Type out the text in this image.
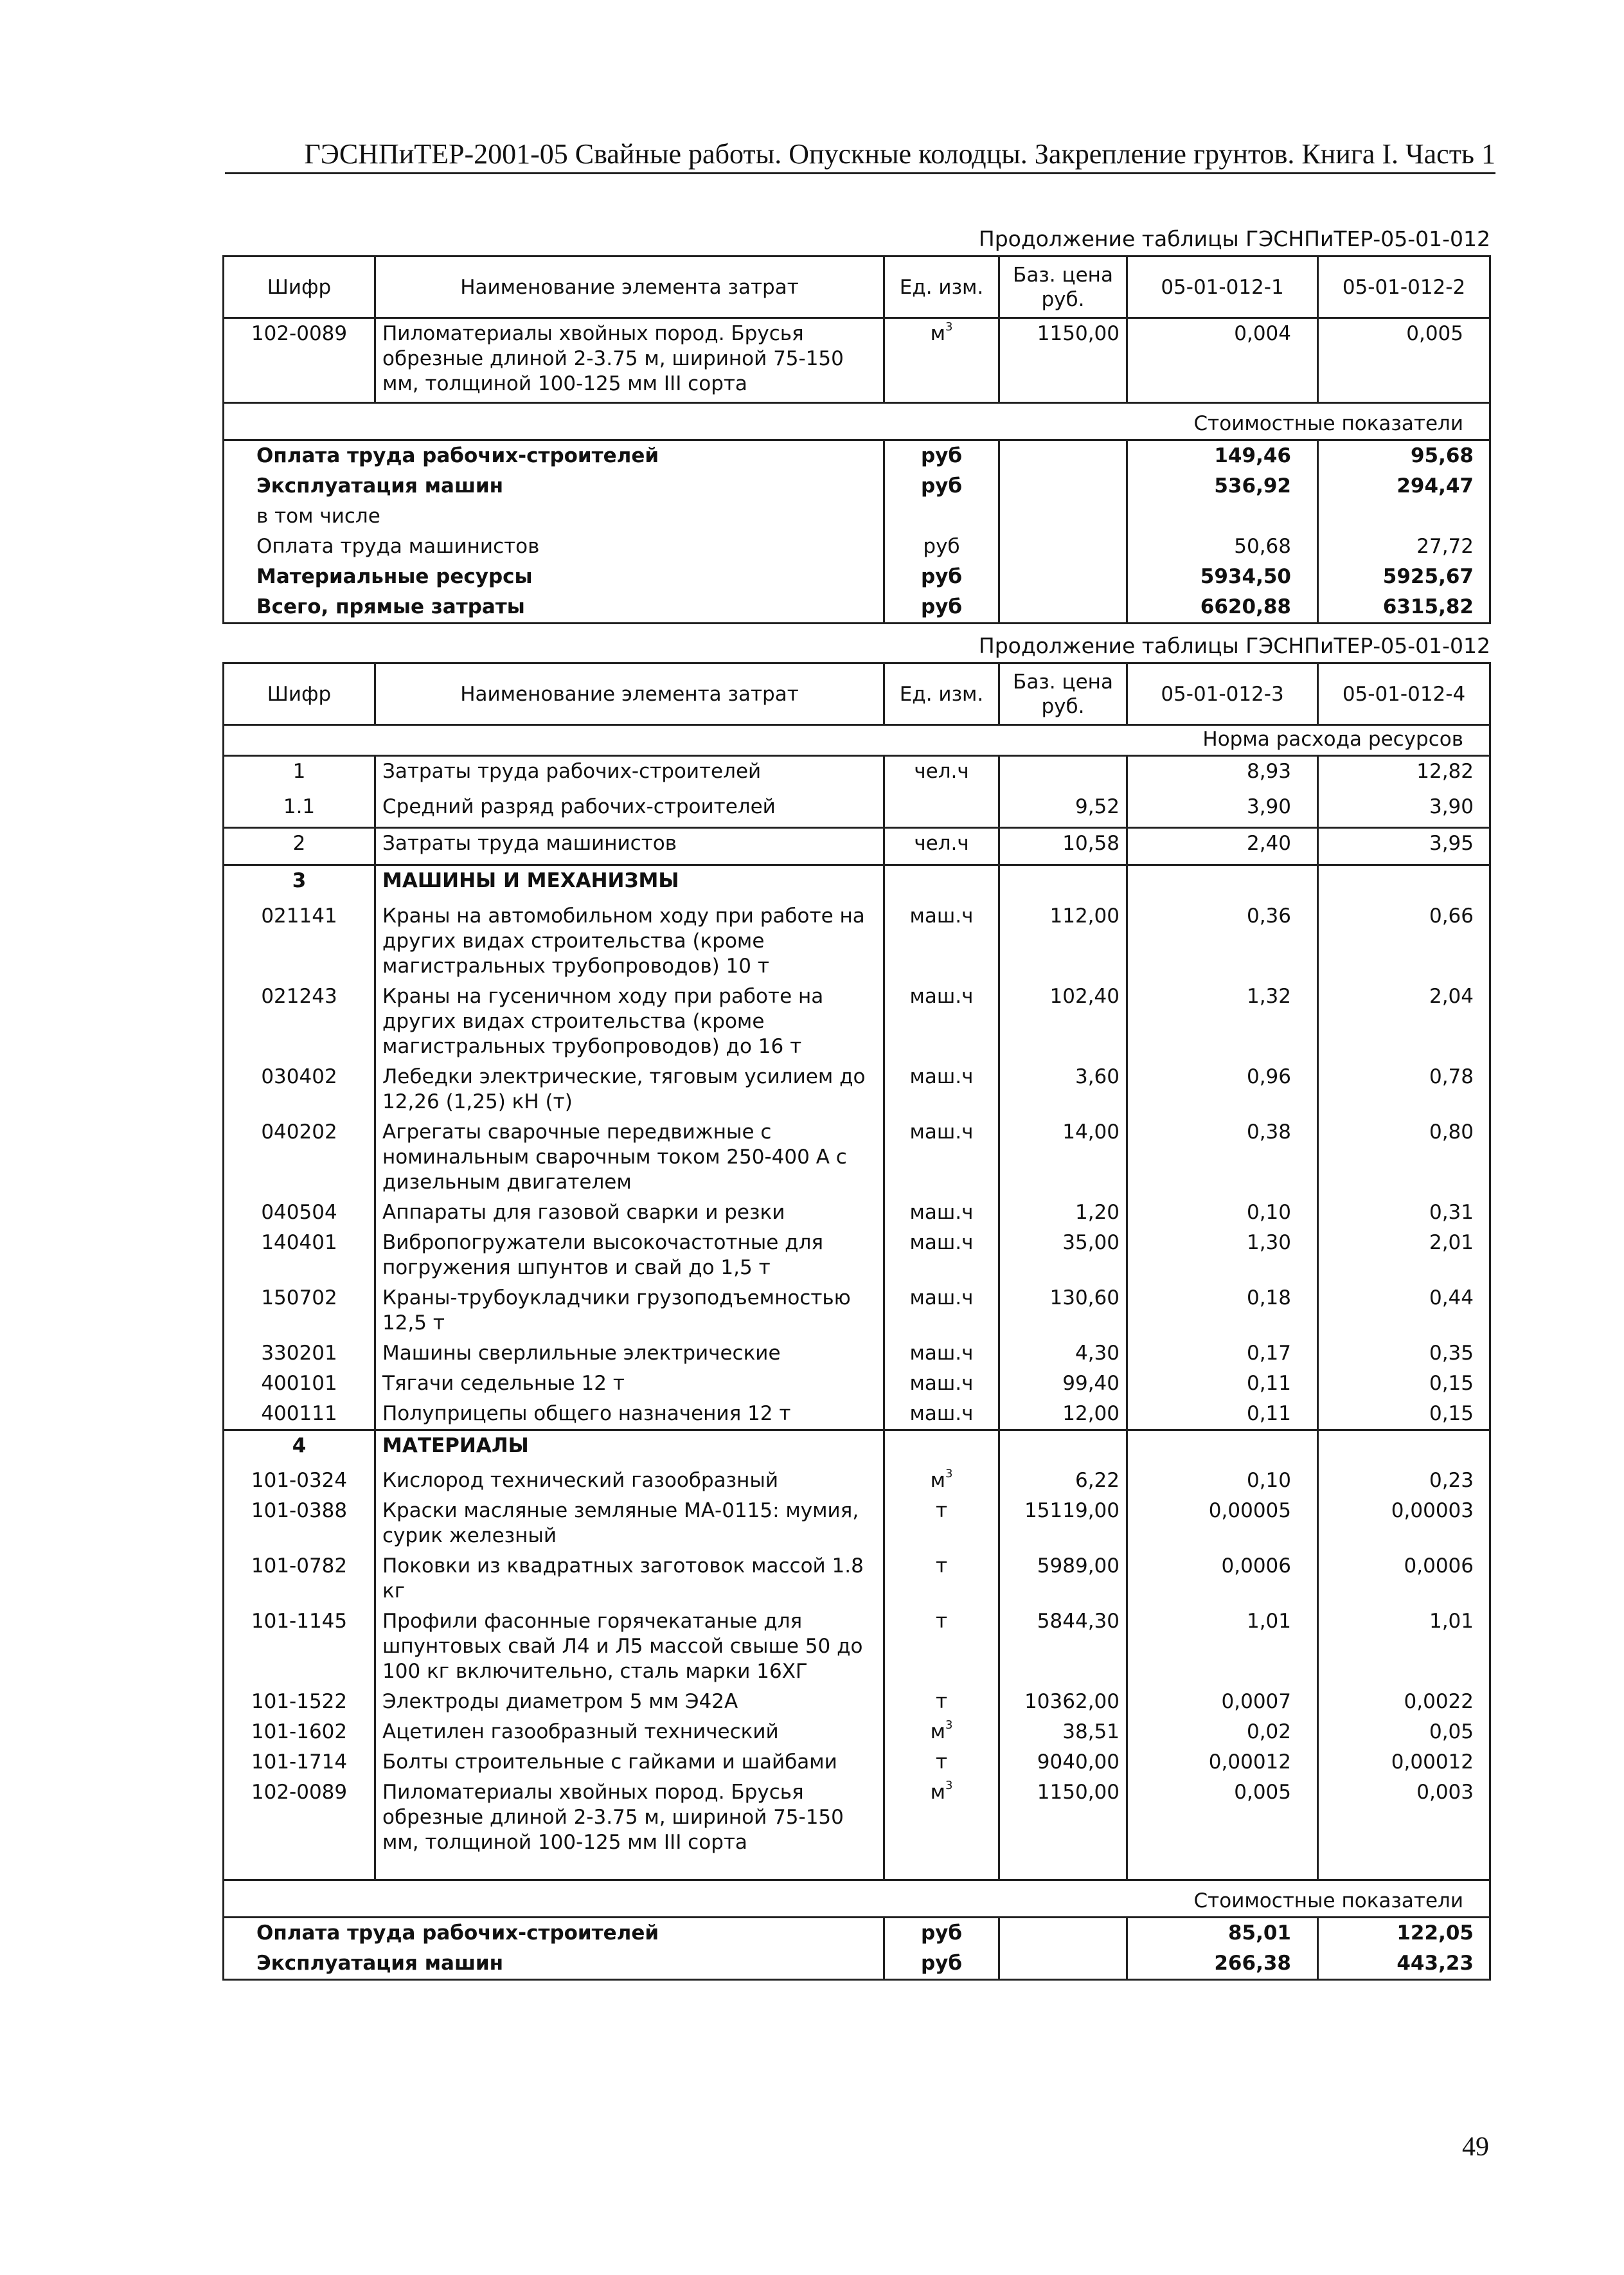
ГЭСНПиТЕР-2001-05 Свайные работы. Опускные колодцы. Закрепление грунтов. Книга I. Часть 1
Продолжение таблицы ГЭСНПиТЕР-05-01-012
Шифр	Наименование элемента затрат	Ед. изм.	Баз. цена руб.	05-01-012-1	05-01-012-2
102-0089	Пиломатериалы хвойных пород. Брусья обрезные длиной 2-3.75 м, шириной 75-150 мм, толщиной 100-125 мм III сорта	$м^3$	1150,00	0,004	0,005
Стоимостные показатели					
Оплата труда рабочих-строителей		руб		149,46	95,68
Эксплуатация машин		руб		536,92	294,47
в том числе					
Оплата труда машинистов		руб		50,68	27,72
Материальные ресурсы		руб		5934,50	5925,67
Всего, прямые затраты		руб		6620,88	6315,82
Продолжение таблицы ГЭСНПиТЕР-05-01-012
Шифр	Наименование элемента затрат	Ед. изм.	Баз. цена руб.	05-01-012-3	05-01-012-4
Норма расхода ресурсов					
1	Затраты труда рабочих-строителей	чел.ч		8,93	12,82
1.1	Средний разряд рабочих-строителей		9,52	3,90	3,90
2	Затраты труда машинистов	чел.ч	10,58	2,40	3,95
3	МАШИНЫ И МЕХАНИЗМЫ				
021141	Краны на автомобильном ходу при работе на других видах строительства (кроме магистральных трубопроводов) 10 т	маш.ч	112,00	0,36	0,66
021243	Краны на гусеничном ходу при работе на других видах строительства (кроме магистральных трубопроводов) до 16 т	маш.ч	102,40	1,32	2,04
030402	Лебедки электрические, тяговым усилием до 12,26 (1,25) кН (т)	маш.ч	3,60	0,96	0,78
040202	Агрегаты сварочные передвижные с номинальным сварочным током 250-400 А с дизельным двигателем	маш.ч	14,00	0,38	0,80
040504	Аппараты для газовой сварки и резки	маш.ч	1,20	0,10	0,31
140401	Вибропогружатели высокочастотные для погружения шпунтов и свай до 1,5 т	маш.ч	35,00	1,30	2,01
150702	Краны-трубоукладчики грузоподъемностью 12,5 т	маш.ч	130,60	0,18	0,44
330201	Машины сверлильные электрические	маш.ч	4,30	0,17	0,35
400101	Тягачи седельные 12 т	маш.ч	99,40	0,11	0,15
400111	Полуприцепы общего назначения 12 т	маш.ч	12,00	0,11	0,15
4	МАТЕРИАЛЫ				
101-0324	Кислород технический газообразный	$м^3$	6,22	0,10	0,23
101-0388	Краски масляные земляные МА-0115: мумия, сурик железный	т	15119,00	0,00005	0,00003
101-0782	Поковки из квадратных заготовок массой 1.8 кг	т	5989,00	0,0006	0,0006
101-1145	Профили фасонные горячекатаные для шпунтовых свай Л4 и Л5 массой свыше 50 до 100 кг включительно, сталь марки 16ХГ	т	5844,30	1,01	1,01
101-1522	Электроды диаметром 5 мм Э42А	т	10362,00	0,0007	0,0022
101-1602	Ацетилен газообразный технический	$м^3$	38,51	0,02	0,05
101-1714	Болты строительные с гайками и шайбами	т	9040,00	0,00012	0,00012
102-0089	Пиломатериалы хвойных пород. Брусья обрезные длиной 2-3.75 м, шириной 75-150 мм, толщиной 100-125 мм III сорта	$м^3$	1150,00	0,005	0,003

Стоимостные показатели					
Оплата труда рабочих-строителей		руб		85,01	122,05
Эксплуатация машин		руб		266,38	443,23
49
